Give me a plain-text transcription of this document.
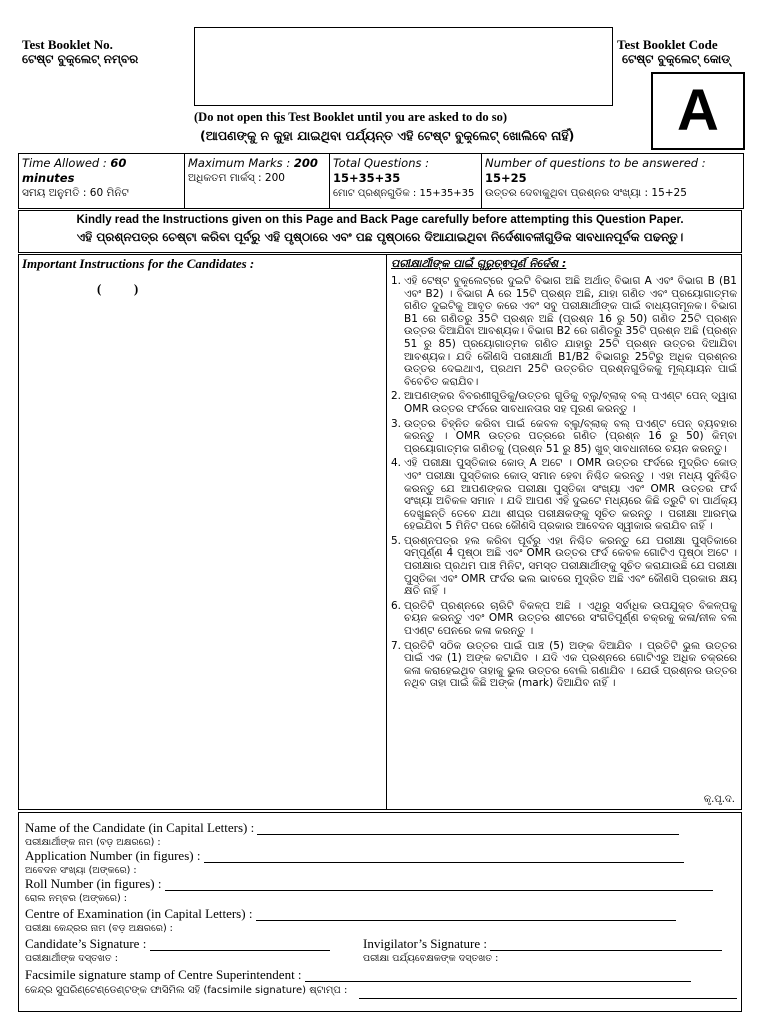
Test Booklet No.
ଟେଷ୍ଟ ବୁକ଼୍ଲେଟ୍ ନମ୍ବର
Test Booklet Code
ଟେଷ୍ଟ ବୁକ଼୍ଲେଟ୍ କୋଡ୍
A
(Do not open this Test Booklet until you are asked to do so)
(ଆପଣଙ୍କୁ ନ କୁହା ଯାଇଥିବା ପର୍ଯ୍ୟନ୍ତ ଏହି ଟେଷ୍ଟ ବୁକ଼୍ଲେଟ୍ ଖୋଲିବେ ନାହିଁ)
Time Allowed : 60 minutes
ସମୟ ଅନୁମତି : 60 ମିନିଟ
Maximum Marks : 200
ଅଧିକତମ ମାର୍କସ୍ : 200
Total Questions :
15+35+35
ମୋଟ ପ୍ରଶ୍ନଗୁଡିକ : 15+35+35
Number of questions to be answered : 15+25
ଉତ୍ତର ଦେବାକୁଥିବା ପ୍ରଶ୍ନର ସଂଖ୍ୟା : 15+25
Kindly read the Instructions given on this Page and Back Page carefully before attempting this Question Paper.
ଏହି ପ୍ରଶ୍ନପତ୍ର ଚେଷ୍ଟା କରିବା ପୂର୍ବରୁ ଏହି ପୃଷ୍ଠାରେ ଏବଂ ପଛ ପୃଷ୍ଠାରେ ଦିଆଯାଇଥିବା ନିର୍ଦେଶାବଳୀଗୁଡିକ ସାବଧାନପୂର୍ବକ ପଢନ୍ତୁ।
Important Instructions for the Candidates :
(          )
ପରୀକ୍ଷାର୍ଥୀଙ୍କ ପାଇଁ ଗୁରୁତ୍ଵପୂର୍ଣ ନିର୍ଦେଶ :
1. ଏହି ଟେଷ୍ଟ ବୁକ଼୍ଲେଟ୍ରେ ଦୁଇଟି ବିଭାଗ ଅଛି ଅର୍ଥାତ୍ ବିଭାଗ A ଏବଂ ବିଭାଗ B (B1 ଏବଂ B2) । ବିଭାଗ A ରେ 15ଟି ପ୍ରଶ୍ନ ଅଛି, ଯାହା ଗଣିତ ଏବଂ ପ୍ରୟୋଗାତ୍ମକ ଗଣିତ ଦୁଇଟିକୁ ଆବୃତ କରେ ଏବଂ ସବୁ ପରୀକ୍ଷାର୍ଥୀଙ୍କ ପାଇଁ ବାଧ୍ୟତାମୂଳକ। ବିଭାଗ B1 ରେ ଗଣିତରୁ 35ଟି ପ୍ରଶ୍ନ ଅଛି (ପ୍ରଶ୍ନ 16 ରୁ 50) ଗଣିତ 25ଟି ପ୍ରଶ୍ନ ଉତ୍ତର ଦିଆଯିବା ଆବଶ୍ୟକ। ବିଭାଗ B2 ରେ ଗଣିତରୁ 35ଟି ପ୍ରଶ୍ନ ଅଛି (ପ୍ରଶ୍ନ 51 ରୁ 85) ପ୍ରୟୋଗାତ୍ମକ ଗଣିତ ଯାହାରୁ 25ଟି ପ୍ରଶ୍ନ ଉତ୍ତର ଦିଆଯିବା ଆବଶ୍ୟକ। ଯଦି କୌଣସି ପରୀକ୍ଷାର୍ଥୀ B1/B2 ବିଭାଗରୁ 25ଟିରୁ ଅଧିକ ପ୍ରଶ୍ନର ଉତ୍ତର ଦେଇଥାଏ, ପ୍ରଥମ 25ଟି ଉତ୍ତରିତ ପ୍ରଶ୍ନଗୁଡିକକୁ ମୂଲ୍ୟାୟନ ପାଇଁ ବିବେଚିତ କରାଯିବ।
2. ଆପଣଙ୍କର ବିବରଣୀଗୁଡିକୁ/ଉତ୍ତର ଗୁଡିକୁ ବ୍ଲୁ/ବ୍ଲାକ୍ ବଲ୍ ପଏଣ୍ଟ ପେନ୍ ଦ୍ୱାରା OMR ଉତ୍ତର ଫର୍ଦରେ ସାବଧାନତାର ସହ ପୂରଣ କରନ୍ତୁ ।
3. ଉତ୍ତର ଚିହ୍ନିତ କରିବା ପାଇଁ କେବଳ ବ୍ଲୁ/ବ୍ଲାକ୍ ବଲ୍ ପଏଣ୍ଟ ପେନ୍ ବ୍ୟବହାର କରନ୍ତୁ । OMR ଉତ୍ତର ପତ୍ରରେ ଗଣିତ (ପ୍ରଶ୍ନ 16 ରୁ 50) କିମ୍ବା ପ୍ରୟୋଗାତ୍ମକ ଗଣିତକୁ (ପ୍ରଶ୍ନ 51 ରୁ 85) ଖୁବ୍ ସାବଧାନୀରେ ଚୟନ କରନ୍ତୁ।
4. ଏହି ପରୀକ୍ଷା ପୁସ୍ତିକାର କୋଡ୍ A ଅଟେ । OMR ଉତ୍ତର ଫର୍ଦରେ ମୁଦ୍ରିତ କୋଡ୍ ଏବଂ ପରୀକ୍ଷା ପୁସ୍ତିକାର କୋଡ୍ ସମାନ ହେବା ନିଶ୍ଚିତ କରନ୍ତୁ । ଏହା ମଧ୍ୟ ସୁନିଶ୍ଚିତ କରନ୍ତୁ ଯେ ଆପଣଙ୍କର ପରୀକ୍ଷା ପୁସ୍ତିକା ସଂଖ୍ୟା ଏବଂ OMR ଉତ୍ତର ଫର୍ଦ ସଂଖ୍ୟା ଅବିକଳ ସମାନ । ଯଦି ଆପଣ ଏହି ଦୁଇଟେ ମଧ୍ୟରେ କିଛି ତ୍ରୁଟି ବା ପାର୍ଥକ୍ୟ ଦେଖୁଛନ୍ତି ତେବେ ଯଥା ଶୀଘ୍ର ପରୀକ୍ଷକଙ୍କୁ ସୂଚିତ କରନ୍ତୁ । ପରୀକ୍ଷା ଆରମ୍ଭ ହେଇଯିବା 5 ମିନିଟ ପରେ କୌଣସି ପ୍ରକାର ଆବେଦନ ସ୍ୱୀକାର କରାଯିବ ନାହିଁ ।
5. ପ୍ରଶ୍ନପତ୍ର ହଲ କରିବା ପୂର୍ବରୁ ଏହା ନିଶ୍ଚିତ କରନ୍ତୁ ଯେ ପରୀକ୍ଷା ପୁସ୍ତିକାରେ ସମ୍ପୂର୍ଣ୍ଣ 4 ପୃଷ୍ଠା ଅଛି ଏବଂ OMR ଉତ୍ତର ଫର୍ଦ କେବଳ ଗୋଟିଏ ପୃଷ୍ଠା ଅଟେ । ପରୀକ୍ଷାର ପ୍ରଥମ ପାଞ୍ଚ ମିନିଟ, ସମସ୍ତ ପରୀକ୍ଷାର୍ଥୀଙ୍କୁ ସୂଚିତ କରାଯାଉଛି ଯେ ପରୀକ୍ଷା ପୁସ୍ତିକା ଏବଂ OMR ଫର୍ଦର ଭଲ ଭାବରେ ମୁଦ୍ରିତ ଅଛି ଏବଂ କୌଣସି ପ୍ରକାର କ୍ଷୟ କ୍ଷତି ନାହିଁ ।
6. ପ୍ରତିଟି ପ୍ରଶ୍ନରେ ଚାରିଟି ବିକଳ୍ପ ଅଛି । ଏଥିରୁ ସର୍ବାଧିକ ଉପଯୁକ୍ତ ବିକଳ୍ପକୁ ଚୟନ କରନ୍ତୁ ଏବଂ OMR ଉତ୍ତର ଶୀଟରେ ସଂଗତିପୂର୍ଣ୍ଣ ଚକ୍ରକୁ କଳା/ନୀଳ ବଲ ପଏଣ୍ଟ ପେନରେ କଳା କରନ୍ତୁ ।
7. ପ୍ରତିଟି ସଠିକ ଉତ୍ତର ପାଇଁ ପାଞ୍ଚ (5) ଅଙ୍କ ଦିଆଯିବ । ପ୍ରତିଟି ଭୁଲ ଉତ୍ତର ପାଇଁ ଏକ (1) ଅଙ୍କ କଟାଯିବ । ଯଦି ଏକ ପ୍ରଶ୍ନରେ ଗୋଟିଏରୁ ଅଧିକ ଚକ୍ରରେ କଳା କରାହେଇଥିବ ତାହାକୁ ଭୁଲ ଉତ୍ତର ବୋଲି ଗଣାଯିବ । ଯେଉଁ ପ୍ରଶ୍ନର ଉତ୍ତର ନଥିବ ତାହା ପାଇଁ କିଛି ଅଙ୍କ (mark) ଦିଆଯିବ ନାହିଁ ।
କୃ.ପୃ.ଦ.
Name of the Candidate (in Capital Letters) :
ପରୀକ୍ଷାର୍ଥୀଙ୍କ ନାମ (ବଡ଼ ଅକ୍ଷରରେ) :
Application Number (in figures) :
ଅବେଦନ ସଂଖ୍ୟା (ଅଙ୍କରେ) :
Roll Number (in figures) :
ରୋଲ ନମ୍ବର (ଅଙ୍କରେ) :
Centre of Examination (in Capital Letters) :
ପରୀକ୍ଷା କେନ୍ଦ୍ରର ନାମ (ବଡ଼ ଅକ୍ଷରରେ) :
Candidate’s Signature :
ପରୀକ୍ଷାର୍ଥୀଙ୍କ ଦସ୍ତଖତ :
Invigilator’s Signature :
ପରୀକ୍ଷା ପର୍ଯ୍ୟବେକ୍ଷକଙ୍କ ଦସ୍ତଖତ :
Facsimile signature stamp of Centre Superintendent :
କେନ୍ଦ୍ର ସୁପରିଣ୍ଟେଣ୍ଡେଣ୍ଟଙ୍କ ଫାସିମିଲ ସହି (facsimile signature) ଷ୍ଟାମ୍ପ :
